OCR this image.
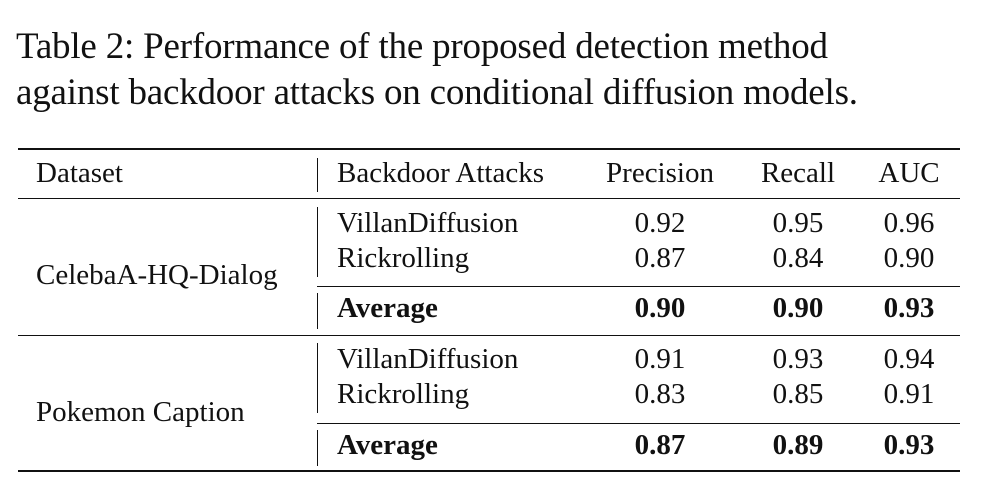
Table 2: Performance of the proposed detection method
against backdoor attacks on conditional diffusion models.
Dataset	Backdoor Attacks	Precision	Recall	AUC
CelebaA-HQ-Dialog
VillanDiffusion	0.92	0.95	0.96
Rickrolling	0.87	0.84	0.90
Average	0.90	0.90	0.93
Pokemon Caption
VillanDiffusion	0.91	0.93	0.94
Rickrolling	0.83	0.85	0.91
Average	0.87	0.89	0.93
